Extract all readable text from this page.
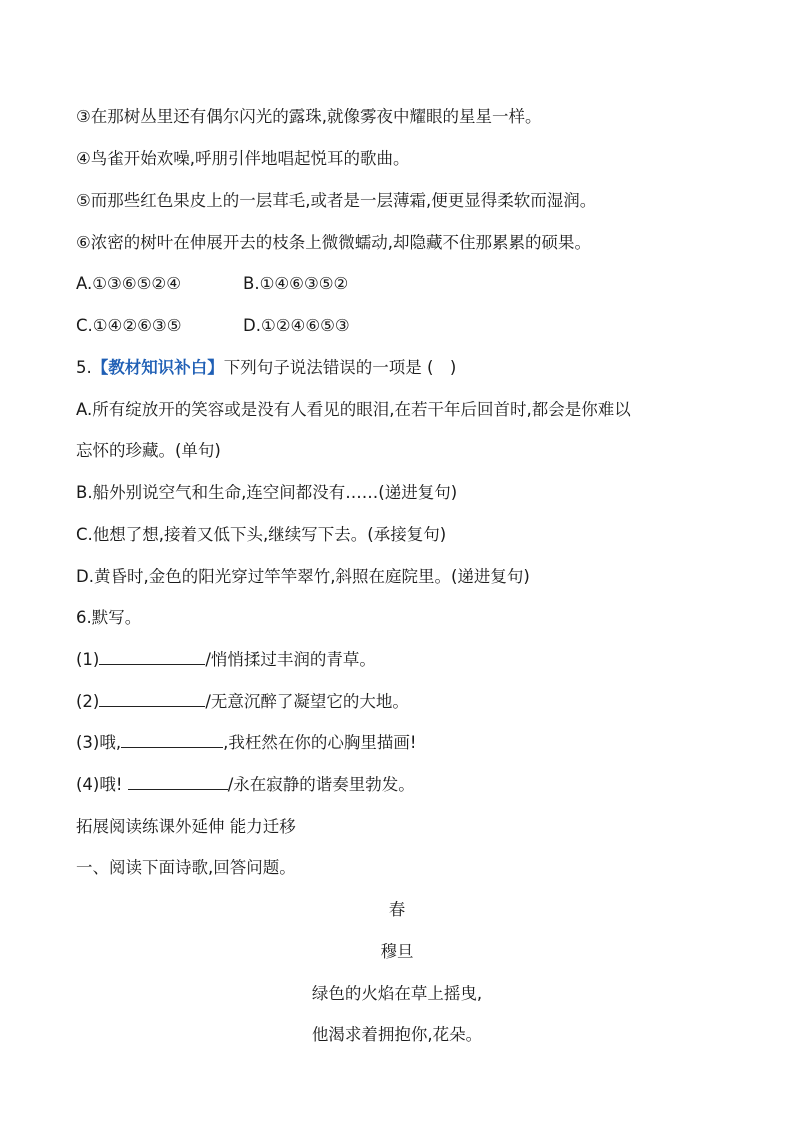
③在那树丛里还有偶尔闪光的露珠,就像雾夜中耀眼的星星一样。
④鸟雀开始欢噪,呼朋引伴地唱起悦耳的歌曲。
⑤而那些红色果皮上的一层茸毛,或者是一层薄霜,便更显得柔软而湿润。
⑥浓密的树叶在伸展开去的枝条上微微蠕动,却隐藏不住那累累的硕果。
A.①③⑥⑤②④	B.①④⑥③⑤②
C.①④②⑥③⑤	D.①②④⑥⑤③
5.【教材知识补白】下列句子说法错误的一项是 (　)
A.所有绽放开的笑容或是没有人看见的眼泪,在若干年后回首时,都会是你难以
忘怀的珍藏。(单句)
B.船外别说空气和生命,连空间都没有……(递进复句)
C.他想了想,接着又低下头,继续写下去。(承接复句)
D.黄昏时,金色的阳光穿过竿竿翠竹,斜照在庭院里。(递进复句)
6.默写。
(1)	/悄悄揉过丰润的青草。
(2)	/无意沉醉了凝望它的大地。
(3)哦,	,我枉然在你的心胸里描画!
(4)哦!	/永在寂静的谐奏里勃发。
拓展阅读练课外延伸 能力迁移
一、阅读下面诗歌,回答问题。
春
穆旦
绿色的火焰在草上摇曳,
他渴求着拥抱你,花朵。
